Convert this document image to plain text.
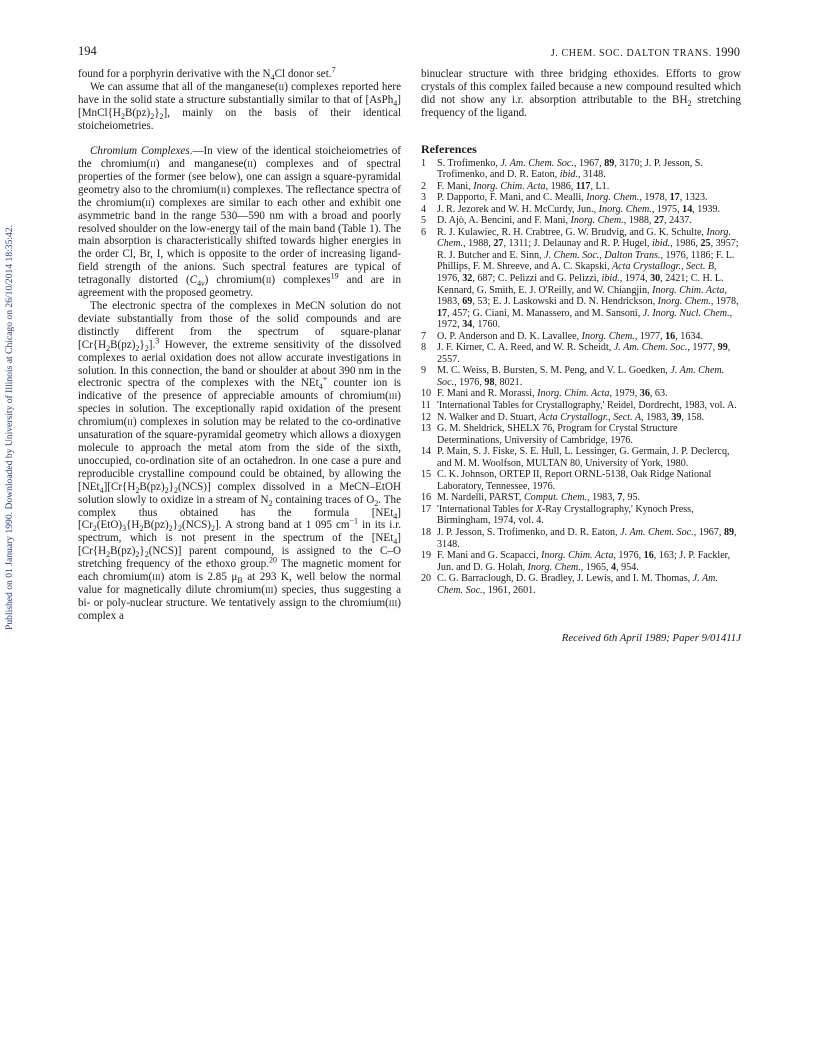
194	J. CHEM. SOC. DALTON TRANS. 1990
Published on 01 January 1990. Downloaded by University of Illinois at Chicago on 26/10/2014 18:35:42.

found for a porphyrin derivative with the $N_4Cl$ donor set.$^7$

We can assume that all of the manganese(II) complexes reported here have in the solid state a structure substantially similar to that of $[AsPh_4][MnCl\{H_2B(pz)_2\}_2]$, mainly on the basis of their identical stoicheiometries.

Chromium Complexes.—In view of the identical stoicheiometries of the chromium(II) and manganese(II) complexes and of spectral properties of the former (see below), one can assign a square-pyramidal geometry also to the chromium(II) complexes. The reflectance spectra of the chromium(II) complexes are similar to each other and exhibit one asymmetric band in the range 530—590 nm with a broad and poorly resolved shoulder on the low-energy tail of the main band (Table 1). The main absorption is characteristically shifted towards higher energies in the order Cl, Br, I, which is opposite to the order of increasing ligand-field strength of the anions. Such spectral features are typical of tetragonally distorted $(C_{4v})$ chromium(II) complexes$^{19}$ and are in agreement with the proposed geometry.

The electronic spectra of the complexes in MeCN solution do not deviate substantially from those of the solid compounds and are distinctly different from the spectrum of square-planar $[Cr\{H_2B(pz)_2\}_2].^3$ However, the extreme sensitivity of the dissolved complexes to aerial oxidation does not allow accurate investigations in solution. In this connection, the band or shoulder at about 390 nm in the electronic spectra of the complexes with the NEt$_4$+ counter ion is indicative of the presence of appreciable amounts of chromium(III) species in solution. The exceptionally rapid oxidation of the present chromium(II) complexes in solution may be related to the co-ordinative unsaturation of the square-pyramidal geometry which allows a dioxygen molecule to approach the metal atom from the side of the sixth, unoccupied, co-ordination site of an octahedron. In one case a pure and reproducible crystalline compound could be obtained, by allowing the $[NEt_4][Cr\{H_2B(pz)_2\}_2(NCS)]$ complex dissolved in a MeCN–EtOH solution slowly to oxidize in a stream of $N_2$ containing traces of $O_2$. The complex thus obtained has the formula $[NEt_4][Cr_2(EtO)_3\{H_2B(pz)_2\}_2(NCS)_2]$. A strong band at 1 095 $cm^{-1}$ in its i.r. spectrum, which is not present in the spectrum of the $[NEt_4][Cr\{H_2B(pz)_2\}_2(NCS)]$ parent compound, is assigned to the C–O stretching frequency of the ethoxo group.$^{20}$ The magnetic moment for each chromium(III) atom is 2.85 $\mu_B$ at 293 K, well below the normal value for magnetically dilute chromium(III) species, thus suggesting a bi- or poly-nuclear structure. We tentatively assign to the chromium(III) complex a

binuclear structure with three bridging ethoxides. Efforts to grow crystals of this complex failed because a new compound resulted which did not show any i.r. absorption attributable to the $BH_2$ stretching frequency of the ligand.

References

1 S. Trofimenko, J. Am. Chem. Soc., 1967, 89, 3170; J. P. Jesson, S. Trofimenko, and D. R. Eaton, ibid., 3148.

2 F. Mani, Inorg. Chim. Acta, 1986, 117, L1.

3 P. Dapporto, F. Mani, and C. Mealli, Inorg. Chem., 1978, 17, 1323.

4 J. R. Jezorek and W. H. McCurdy, Jun., Inorg. Chem., 1975, 14, 1939.

5 D. Ajò, A. Bencini, and F. Mani, Inorg. Chem., 1988, 27, 2437.

6 R. J. Kulawiec, R. H. Crabtree, G. W. Brudvig, and G. K. Schulte, Inorg. Chem., 1988, 27, 1311; J. Delaunay and R. P. Hugel, ibid., 1986, 25, 3957; R. J. Butcher and E. Sinn, J. Chem. Soc., Dalton Trans., 1976, 1186; F. L. Phillips, F. M. Shreeve, and A. C. Skapski, Acta Crystallogr., Sect. B, 1976, 32, 687; C. Pelizzi and G. Pelizzi, ibid., 1974, 30, 2421; C. H. L. Kennard, G. Smith, E. J. O'Reilly, and W. Chiangjin, Inorg. Chim. Acta, 1983, 69, 53; E. J. Laskowski and D. N. Hendrickson, Inorg. Chem., 1978, 17, 457; G. Ciani, M. Manassero, and M. Sansoni, J. Inorg. Nucl. Chem., 1972, 34, 1760.

7 O. P. Anderson and D. K. Lavallee, Inorg. Chem., 1977, 16, 1634.

8 J. F. Kirner, C. A. Reed, and W. R. Scheidt, J. Am. Chem. Soc., 1977, 99, 2557.

9 M. C. Weiss, B. Bursten, S. M. Peng, and V. L. Goedken, J. Am. Chem. Soc., 1976, 98, 8021.

10 F. Mani and R. Morassi, Inorg. Chim. Acta, 1979, 36, 63.

11 'International Tables for Crystallography,' Reidel, Dordrecht, 1983, vol. A.

12 N. Walker and D. Stuart, Acta Crystallogr., Sect. A, 1983, 39, 158.

13 G. M. Sheldrick, SHELX 76, Program for Crystal Structure Determinations, University of Cambridge, 1976.

14 P. Main, S. J. Fiske, S. E. Hull, L. Lessinger, G. Germain, J. P. Declercq, and M. M. Woolfson, MULTAN 80, University of York, 1980.

15 C. K. Johnson, ORTEP II, Report ORNL-5138, Oak Ridge National Laboratory, Tennessee, 1976.

16 M. Nardelli, PARST, Comput. Chem., 1983, 7, 95.

17 'International Tables for X-Ray Crystallography,' Kynoch Press, Birmingham, 1974, vol. 4.

18 J. P. Jesson, S. Trofimenko, and D. R. Eaton, J. Am. Chem. Soc., 1967, 89, 3148.

19 F. Mani and G. Scapacci, Inorg. Chim. Acta, 1976, 16, 163; J. P. Fackler, Jun. and D. G. Holah, Inorg. Chem., 1965, 4, 954.

20 C. G. Barraclough, D. G. Bradley, J. Lewis, and I. M. Thomas, J. Am. Chem. Soc., 1961, 2601.

Received 6th April 1989; Paper 9/01411J
